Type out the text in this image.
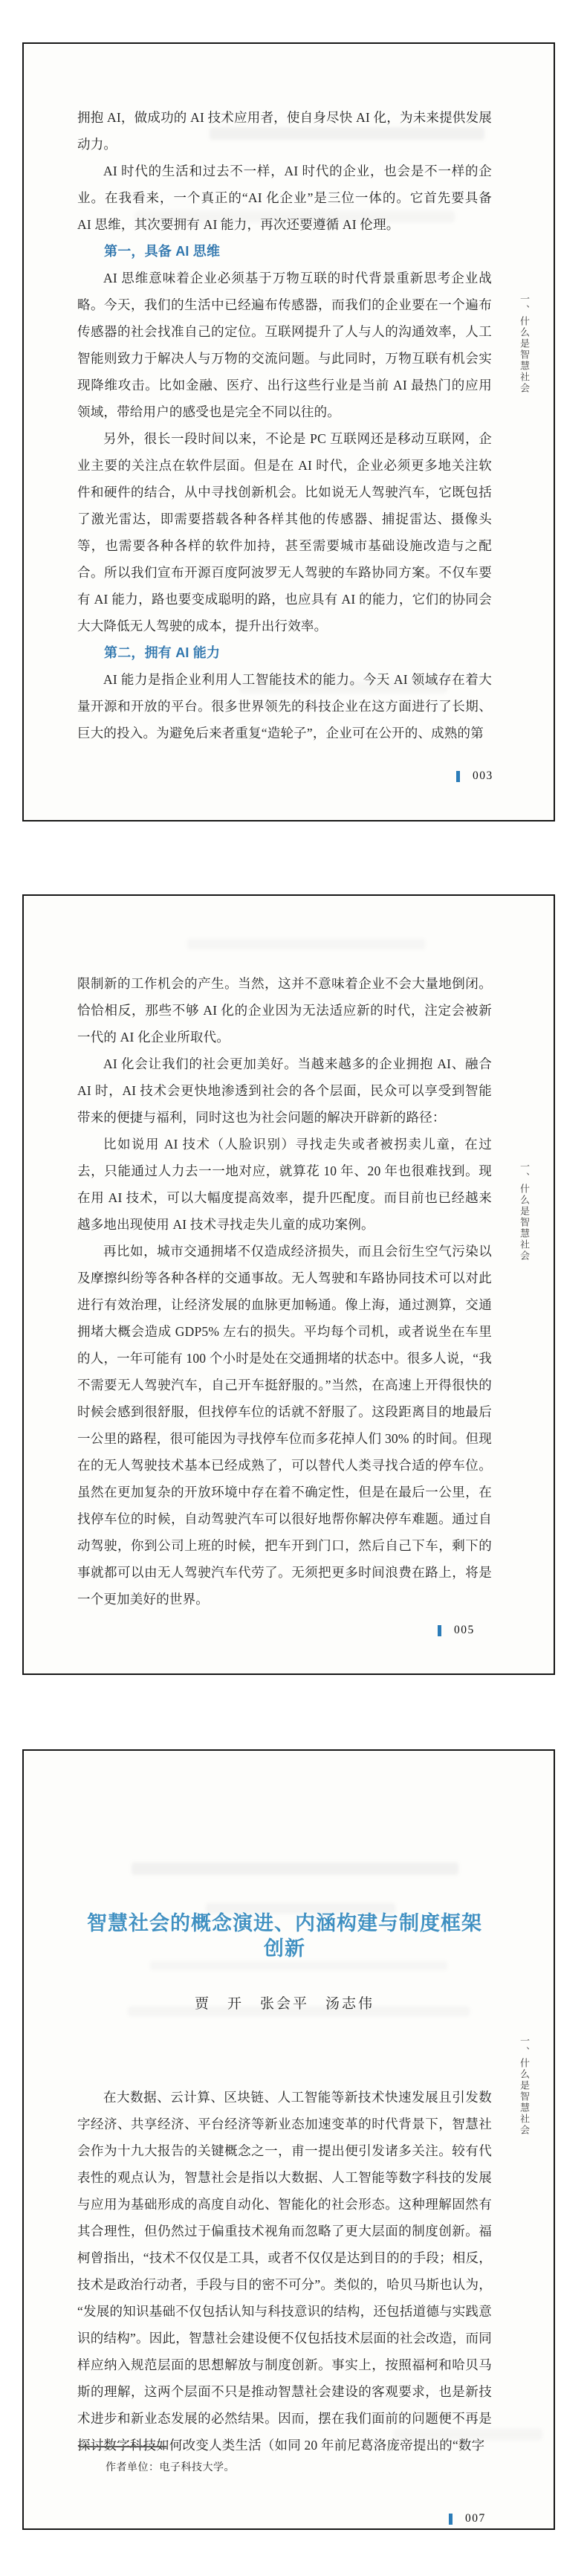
拥抱 AI，做成功的 AI 技术应用者，使自身尽快 AI 化，为未来提供发展动力。

AI 时代的生活和过去不一样，AI 时代的企业，也会是不一样的企业。在我看来，一个真正的“AI 化企业”是三位一体的。它首先要具备 AI 思维，其次要拥有 AI 能力，再次还要遵循 AI 伦理。

第一，具备 AI 思维

AI 思维意味着企业必须基于万物互联的时代背景重新思考企业战略。今天，我们的生活中已经遍布传感器，而我们的企业要在一个遍布传感器的社会找准自己的定位。互联网提升了人与人的沟通效率，人工智能则致力于解决人与万物的交流问题。与此同时，万物互联有机会实现降维攻击。比如金融、医疗、出行这些行业是当前 AI 最热门的应用领域，带给用户的感受也是完全不同以往的。

另外，很长一段时间以来，不论是 PC 互联网还是移动互联网，企业主要的关注点在软件层面。但是在 AI 时代，企业必须更多地关注软件和硬件的结合，从中寻找创新机会。比如说无人驾驶汽车，它既包括了激光雷达，即需要搭载各种各样其他的传感器、捕捉雷达、摄像头等，也需要各种各样的软件加持，甚至需要城市基础设施改造与之配合。所以我们宣布开源百度阿波罗无人驾驶的车路协同方案。不仅车要有 AI 能力，路也要变成聪明的路，也应具有 AI 的能力，它们的协同会大大降低无人驾驶的成本，提升出行效率。

第二，拥有 AI 能力

AI 能力是指企业利用人工智能技术的能力。今天 AI 领域存在着大量开源和开放的平台。很多世界领先的科技企业在这方面进行了长期、巨大的投入。为避免后来者重复“造轮子”，企业可在公开的、成熟的第

一、什么是智慧社会
003

限制新的工作机会的产生。当然，这并不意味着企业不会大量地倒闭。恰恰相反，那些不够 AI 化的企业因为无法适应新的时代，注定会被新一代的 AI 化企业所取代。

AI 化会让我们的社会更加美好。当越来越多的企业拥抱 AI、融合 AI 时，AI 技术会更快地渗透到社会的各个层面，民众可以享受到智能带来的便捷与福利，同时这也为社会问题的解决开辟新的路径：

比如说用 AI 技术（人脸识别）寻找走失或者被拐卖儿童，在过去，只能通过人力去一一地对应，就算花 10 年、20 年也很难找到。现在用 AI 技术，可以大幅度提高效率，提升匹配度。而目前也已经越来越多地出现使用 AI 技术寻找走失儿童的成功案例。

再比如，城市交通拥堵不仅造成经济损失，而且会衍生空气污染以及摩擦纠纷等各种各样的交通事故。无人驾驶和车路协同技术可以对此进行有效治理，让经济发展的血脉更加畅通。像上海，通过测算，交通拥堵大概会造成 GDP5% 左右的损失。平均每个司机，或者说坐在车里的人，一年可能有 100 个小时是处在交通拥堵的状态中。很多人说，“我不需要无人驾驶汽车，自己开车挺舒服的。”当然，在高速上开得很快的时候会感到很舒服，但找停车位的话就不舒服了。这段距离目的地最后一公里的路程，很可能因为寻找停车位而多花掉人们 30% 的时间。但现在的无人驾驶技术基本已经成熟了，可以替代人类寻找合适的停车位。虽然在更加复杂的开放环境中存在着不确定性，但是在最后一公里，在找停车位的时候，自动驾驶汽车可以很好地帮你解决停车难题。通过自动驾驶，你到公司上班的时候，把车开到门口，然后自己下车，剩下的事就都可以由无人驾驶汽车代劳了。无须把更多时间浪费在路上，将是一个更加美好的世界。

一、什么是智慧社会
005
智慧社会的概念演进、内涵构建与制度框架创新
贾　开　张会平　汤志伟

在大数据、云计算、区块链、人工智能等新技术快速发展且引发数字经济、共享经济、平台经济等新业态加速变革的时代背景下，智慧社会作为十九大报告的关键概念之一，甫一提出便引发诸多关注。较有代表性的观点认为，智慧社会是指以大数据、人工智能等数字科技的发展与应用为基础形成的高度自动化、智能化的社会形态。这种理解固然有其合理性，但仍然过于偏重技术视角而忽略了更大层面的制度创新。福柯曾指出，“技术不仅仅是工具，或者不仅仅是达到目的的手段；相反，技术是政治行动者，手段与目的密不可分”。类似的，哈贝马斯也认为，“发展的知识基础不仅包括认知与科技意识的结构，还包括道德与实践意识的结构”。因此，智慧社会建设便不仅包括技术层面的社会改造，而同样应纳入规范层面的思想解放与制度创新。事实上，按照福柯和哈贝马斯的理解，这两个层面不只是推动智慧社会建设的客观要求，也是新技术进步和新业态发展的必然结果。因而，摆在我们面前的问题便不再是探讨数字科技如何改变人类生活（如同 20 年前尼葛洛庞帝提出的“数字

作者单位：电子科技大学。
一、什么是智慧社会
007
